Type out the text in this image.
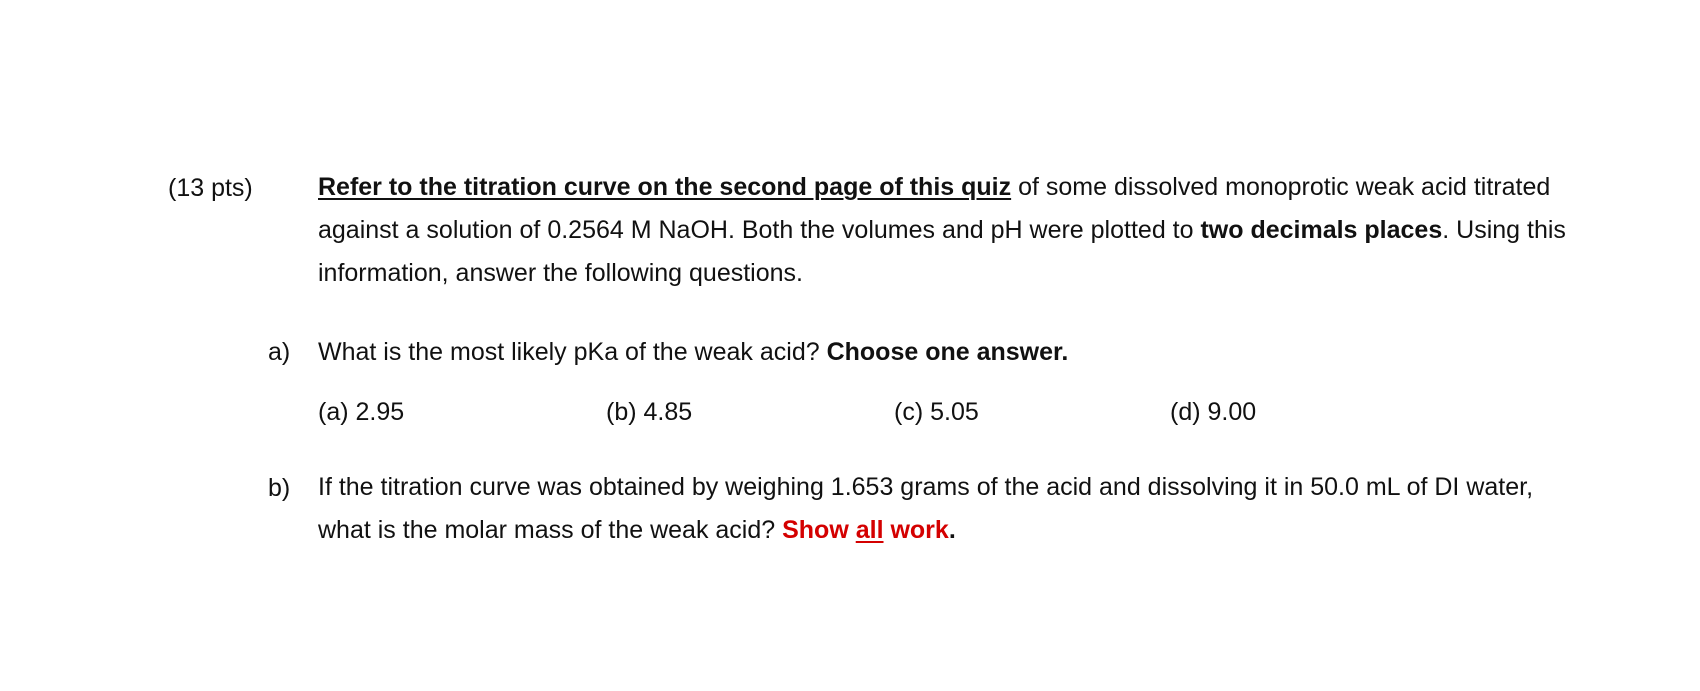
(13 pts)	Refer to the titration curve on the second page of this quiz of some dissolved monoprotic weak acid titrated against a solution of 0.2564 M NaOH. Both the volumes and pH were plotted to two decimals places. Using this information, answer the following questions.
a) What is the most likely pKa of the weak acid? Choose one answer.
(a) 2.95	(b) 4.85	(c) 5.05	(d) 9.00
b) If the titration curve was obtained by weighing 1.653 grams of the acid and dissolving it in 50.0 mL of DI water, what is the molar mass of the weak acid? Show all work.
